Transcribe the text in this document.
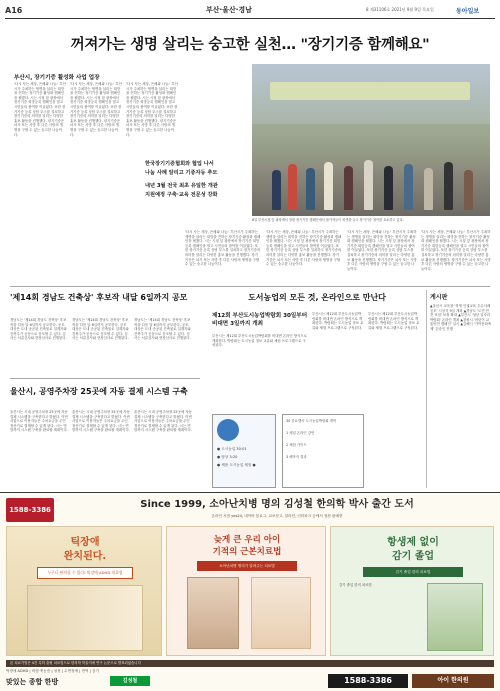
A16	부산·울산·경남	8 제31106호 2021년 9월 9일 목요일	동아일보
꺼져가는 생명 살리는 숭고한 실천… "장기기증 함께해요"
부산시, 장기기증 활성화 사업 업장
'다시 사는 세상, 은혜와 나눔.' 부산시가 주최하는 생명을 살리는 희망을 전하는 장기기증 활성화 캠페인을 펼쳤다. 시는 시청 앞 광장에서 장기기증 희망등록 캠페인을 열고 시민들의 참여를 이끌었다. 또한 장기기증 등록 상담 부스를 설치하고 장기기증의 의미를 알리는 다양한 홍보 활동을 진행했다. 장기기증은 뇌사 또는 사망 후 다른 사람의 생명을 구할 수 있는 숭고한 나눔이다.
'다시 사는 세상, 은혜와 나눔.' 부산시가 주최하는 생명을 살리는 희망을 전하는 장기기증 활성화 캠페인을 펼쳤다. 시는 시청 앞 광장에서 장기기증 희망등록 캠페인을 열고 시민들의 참여를 이끌었다. 또한 장기기증 등록 상담 부스를 설치하고 장기기증의 의미를 알리는 다양한 홍보 활동을 진행했다. 장기기증은 뇌사 또는 사망 후 다른 사람의 생명을 구할 수 있는 숭고한 나눔이다.
'다시 사는 세상, 은혜와 나눔.' 부산시가 주최하는 생명을 살리는 희망을 전하는 장기기증 활성화 캠페인을 펼쳤다. 시는 시청 앞 광장에서 장기기증 희망등록 캠페인을 열고 시민들의 참여를 이끌었다. 또한 장기기증 등록 상담 부스를 설치하고 장기기증의 의미를 알리는 다양한 홍보 활동을 진행했다. 장기기증은 뇌사 또는 사망 후 다른 사람의 생명을 구할 수 있는 숭고한 나눔이다.
한국장기기증협회와 협업 나서
나눔 사례 알리고 기증자등 추모
내년 3월 전국 최초 유일한 개관
지원예정 구축·교육 전문성 강화
8일 부산시청 앞 광장에서 열린 장기기증 캠페인에서 참가자들이 피켓을 들고 장기기증 참여를 호소하고 있다.
'다시 사는 세상, 은혜와 나눔.' 부산시가 주최하는 생명을 살리는 희망을 전하는 장기기증 활성화 캠페인을 펼쳤다. 시는 시청 앞 광장에서 장기기증 희망등록 캠페인을 열고 시민들의 참여를 이끌었다. 또한 장기기증 등록 상담 부스를 설치하고 장기기증의 의미를 알리는 다양한 홍보 활동을 진행했다. 장기기증은 뇌사 또는 사망 후 다른 사람의 생명을 구할 수 있는 숭고한 나눔이다.
'다시 사는 세상, 은혜와 나눔.' 부산시가 주최하는 생명을 살리는 희망을 전하는 장기기증 활성화 캠페인을 펼쳤다. 시는 시청 앞 광장에서 장기기증 희망등록 캠페인을 열고 시민들의 참여를 이끌었다. 또한 장기기증 등록 상담 부스를 설치하고 장기기증의 의미를 알리는 다양한 홍보 활동을 진행했다. 장기기증은 뇌사 또는 사망 후 다른 사람의 생명을 구할 수 있는 숭고한 나눔이다.
'다시 사는 세상, 은혜와 나눔.' 부산시가 주최하는 생명을 살리는 희망을 전하는 장기기증 활성화 캠페인을 펼쳤다. 시는 시청 앞 광장에서 장기기증 희망등록 캠페인을 열고 시민들의 참여를 이끌었다. 또한 장기기증 등록 상담 부스를 설치하고 장기기증의 의미를 알리는 다양한 홍보 활동을 진행했다. 장기기증은 뇌사 또는 사망 후 다른 사람의 생명을 구할 수 있는 숭고한 나눔이다.
'다시 사는 세상, 은혜와 나눔.' 부산시가 주최하는 생명을 살리는 희망을 전하는 장기기증 활성화 캠페인을 펼쳤다. 시는 시청 앞 광장에서 장기기증 희망등록 캠페인을 열고 시민들의 참여를 이끌었다. 또한 장기기증 등록 상담 부스를 설치하고 장기기증의 의미를 알리는 다양한 홍보 활동을 진행했다. 장기기증은 뇌사 또는 사망 후 다른 사람의 생명을 구할 수 있는 숭고한 나눔이다.
'제14회 경남도 건축상' 후보작 내달 6일까지 공모
경남도는 '제14회 경남도 건축상' 후보작을 다음 달 6일까지 공모한다. 공모 대상은 도내 준공된 건축물로 설계자와 건축주가 공동으로 응모할 수 있다. 심사는 서류심사와 현장심사로 진행된다.
경남도는 '제14회 경남도 건축상' 후보작을 다음 달 6일까지 공모한다. 공모 대상은 도내 준공된 건축물로 설계자와 건축주가 공동으로 응모할 수 있다. 심사는 서류심사와 현장심사로 진행된다.
경남도는 '제14회 경남도 건축상' 후보작을 다음 달 6일까지 공모한다. 공모 대상은 도내 준공된 건축물로 설계자와 건축주가 공동으로 응모할 수 있다. 심사는 서류심사와 현장심사로 진행된다.
울산시, 공영주차장 25곳에 자동 결제 시스템 구축
울산시는 시내 공영주차장 25곳에 자동 결제 시스템을 구축한다고 밝혔다. 이번 사업으로 이용자들은 주차요금을 무인 정산기로 결제할 수 있게 된다. 시는 연말까지 시스템 구축을 완료할 계획이다.
울산시는 시내 공영주차장 25곳에 자동 결제 시스템을 구축한다고 밝혔다. 이번 사업으로 이용자들은 주차요금을 무인 정산기로 결제할 수 있게 된다. 시는 연말까지 시스템 구축을 완료할 계획이다.
울산시는 시내 공영주차장 25곳에 자동 결제 시스템을 구축한다고 밝혔다. 이번 사업으로 이용자들은 주차요금을 무인 정산기로 결제할 수 있게 된다. 시는 연말까지 시스템 구축을 완료할 계획이다.
도서농업의 모든 것, 온라인으로 만난다
제12회 부산도시농업박람회 30일부터 비대면 3일까지 개최
부산시는 제12회 부산도시농업박람회를 비대면 온라인 방식으로 개최한다. 박람회는 도시농업 정보 교류와 체험 프로그램으로 구성된다.
부산시는 제12회 부산도시농업박람회를 비대면 온라인 방식으로 개최한다. 박람회는 도시농업 정보 교류와 체험 프로그램으로 구성된다.
부산시는 제12회 부산도시농업박람회를 비대면 온라인 방식으로 개최한다. 박람회는 도시농업 정보 교류와 체험 프로그램으로 구성된다.
● 도시농업 30:01
● 영상 3:20
● 제품 도시농업 체험 ●
30 중요행사 도시농업박람회 개막
1 채널 온라인 강연
2 체험 가이드
3 폐막식 결과
게시판
▲울산시 교육청 '학생 인권교육 우수사례 공모' 시상식 9일 개최 ▲경남도 '도민 안전 보험' 보장 확대 ▲부산시 '청년 일자리 박람회' 온라인 개최 ▲창원시 '어린이 교통안전 캠페인' 실시 ▲김해시 '가야문화축제' 온라인 진행
1588-3386	Since 1999, 소아난치병 명의 김성철 한의학 박사 출간 도서
온라인 서점 yes24, 네이버 블로그, 교보문고, 알라딘, 인터파크 등에서 절찬 판매중
틱장애
완치된다.
누구나 완치할 수 있다! 틱장애 ADHD 치료법
늦게 큰 우리 아이
기적의 근본치료법
소아난치병 명의가 알려주는 치료법
항생제 없이
감기 졸업
감기 졸업 한의 치료법
감기 졸업 한의 치료법
본 치료기법은 4건 특허 출원 치료법으로 한의학 학술지에 연구 논문으로 발표되었습니다
틱장애 ADHD | 비염·축농증 | 성장 | 수면장애 | 면역 | 감기
맞있는 종합 한방	김성철	1588-3386	아이 한의원
